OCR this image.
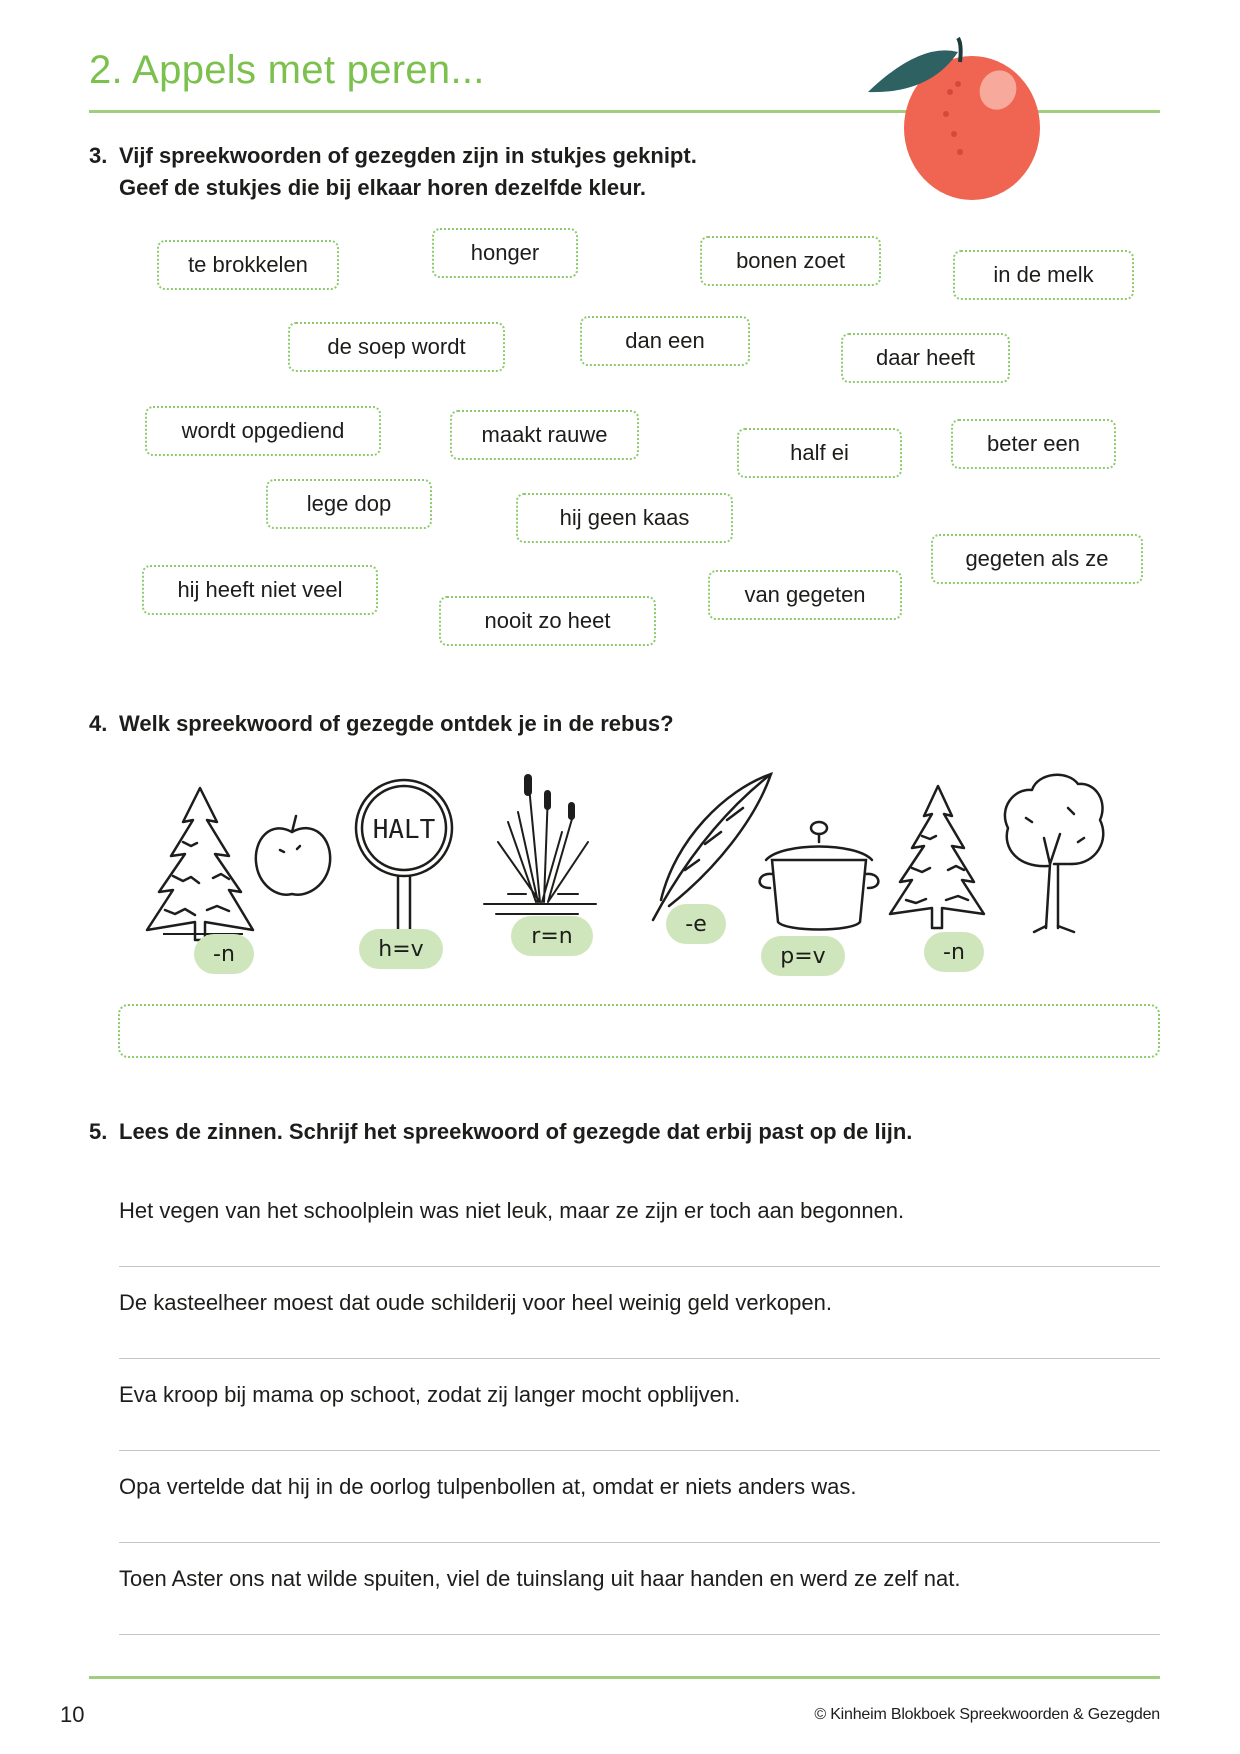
2. Appels met peren...
3. Vijf spreekwoorden of gezegden zijn in stukjes geknipt.
Geef de stukjes die bij elkaar horen dezelfde kleur.
te brokkelen	honger	bonen zoet
in de melk
de soep wordt	dan een
daar heeft
wordt opgediend	maakt rauwe
half ei	beter een
lege dop
hij geen kaas
gegeten als ze
hij heeft niet veel
nooit zo heet
van gegeten
4. Welk spreekwoord of gezegde ontdek je in de rebus?
HALT
-n	h=v
r=n	-e
p=v	-n
5. Lees de zinnen. Schrijf het spreekwoord of gezegde dat erbij past op de lijn.
Het vegen van het schoolplein was niet leuk, maar ze zijn er toch aan begonnen.
De kasteelheer moest dat oude schilderij voor heel weinig geld verkopen.
Eva kroop bij mama op schoot, zodat zij langer mocht opblijven.
Opa vertelde dat hij in de oorlog tulpenbollen at, omdat er niets anders was.
Toen Aster ons nat wilde spuiten, viel de tuinslang uit haar handen en werd ze zelf nat.
10	© Kinheim Blokboek Spreekwoorden & Gezegden
